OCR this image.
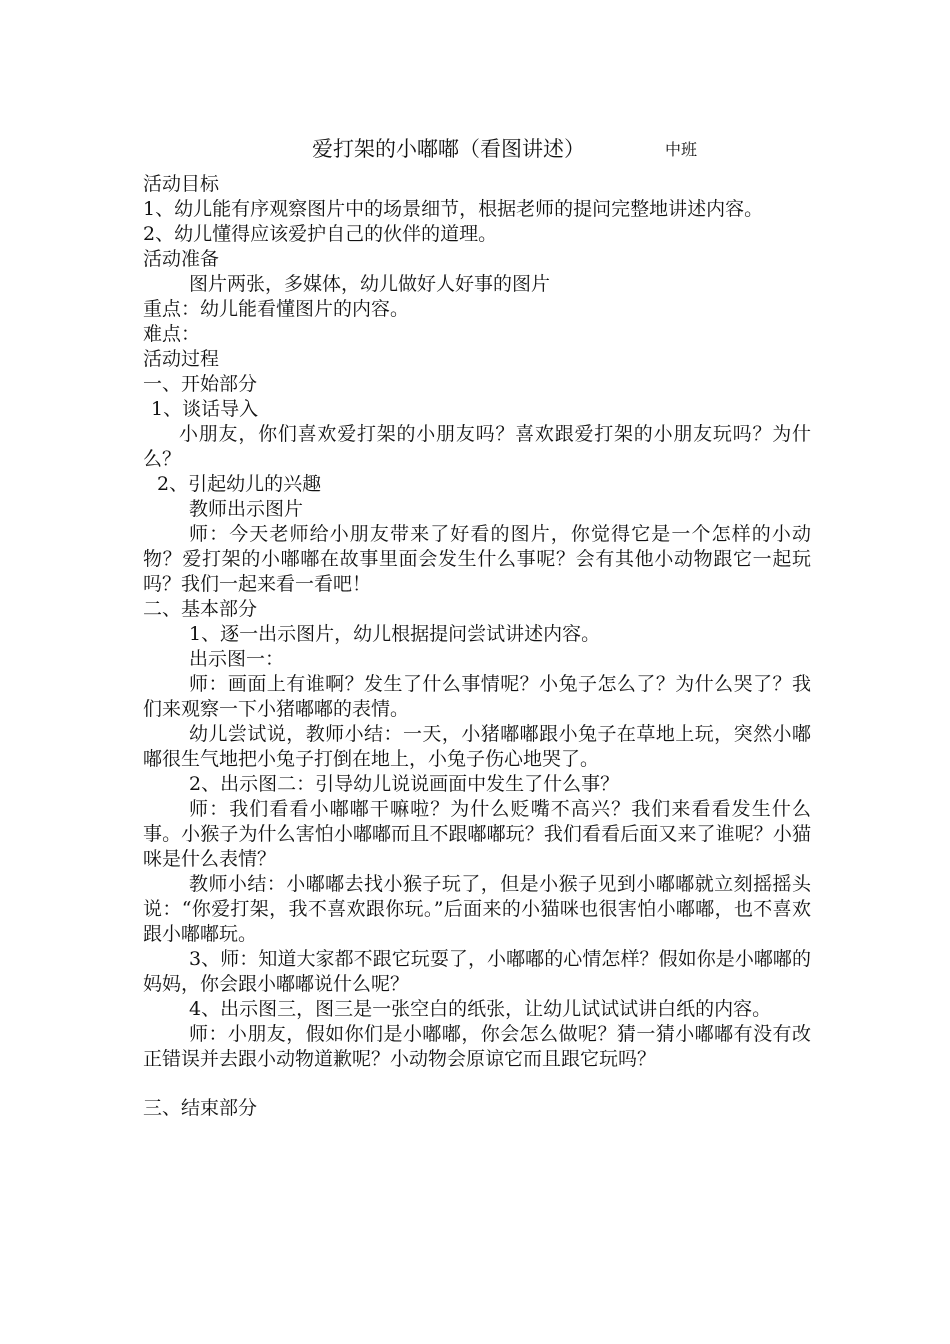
爱打架的小嘟嘟（看图讲述）	中班

活动目标

1、幼儿能有序观察图片中的场景细节，根据老师的提问完整地讲述内容。

2、幼儿懂得应该爱护自己的伙伴的道理。

活动准备

图片两张，多媒体，幼儿做好人好事的图片

重点：幼儿能看懂图片的内容。

难点：

活动过程

一、开始部分

1、谈话导入

小朋友，你们喜欢爱打架的小朋友吗？喜欢跟爱打架的小朋友玩吗？为什么？

2、引起幼儿的兴趣

教师出示图片

师：今天老师给小朋友带来了好看的图片，你觉得它是一个怎样的小动物？爱打架的小嘟嘟在故事里面会发生什么事呢？会有其他小动物跟它一起玩吗？我们一起来看一看吧！

二、基本部分

1、逐一出示图片，幼儿根据提问尝试讲述内容。

出示图一：

师：画面上有谁啊？发生了什么事情呢？小兔子怎么了？为什么哭了？我们来观察一下小猪嘟嘟的表情。

幼儿尝试说，教师小结：一天，小猪嘟嘟跟小兔子在草地上玩，突然小嘟嘟很生气地把小兔子打倒在地上，小兔子伤心地哭了。

2、出示图二：引导幼儿说说画面中发生了什么事？

师：我们看看小嘟嘟干嘛啦？为什么贬嘴不高兴？我们来看看发生什么事。小猴子为什么害怕小嘟嘟而且不跟嘟嘟玩？我们看看后面又来了谁呢？小猫咪是什么表情？

教师小结：小嘟嘟去找小猴子玩了，但是小猴子见到小嘟嘟就立刻摇摇头说：“你爱打架，我不喜欢跟你玩。”后面来的小猫咪也很害怕小嘟嘟，也不喜欢跟小嘟嘟玩。

3、师：知道大家都不跟它玩耍了，小嘟嘟的心情怎样？假如你是小嘟嘟的妈妈，你会跟小嘟嘟说什么呢？

4、出示图三，图三是一张空白的纸张，让幼儿试试试讲白纸的内容。

师：小朋友，假如你们是小嘟嘟，你会怎么做呢？猜一猜小嘟嘟有没有改正错误并去跟小动物道歉呢？小动物会原谅它而且跟它玩吗？

三、结束部分
